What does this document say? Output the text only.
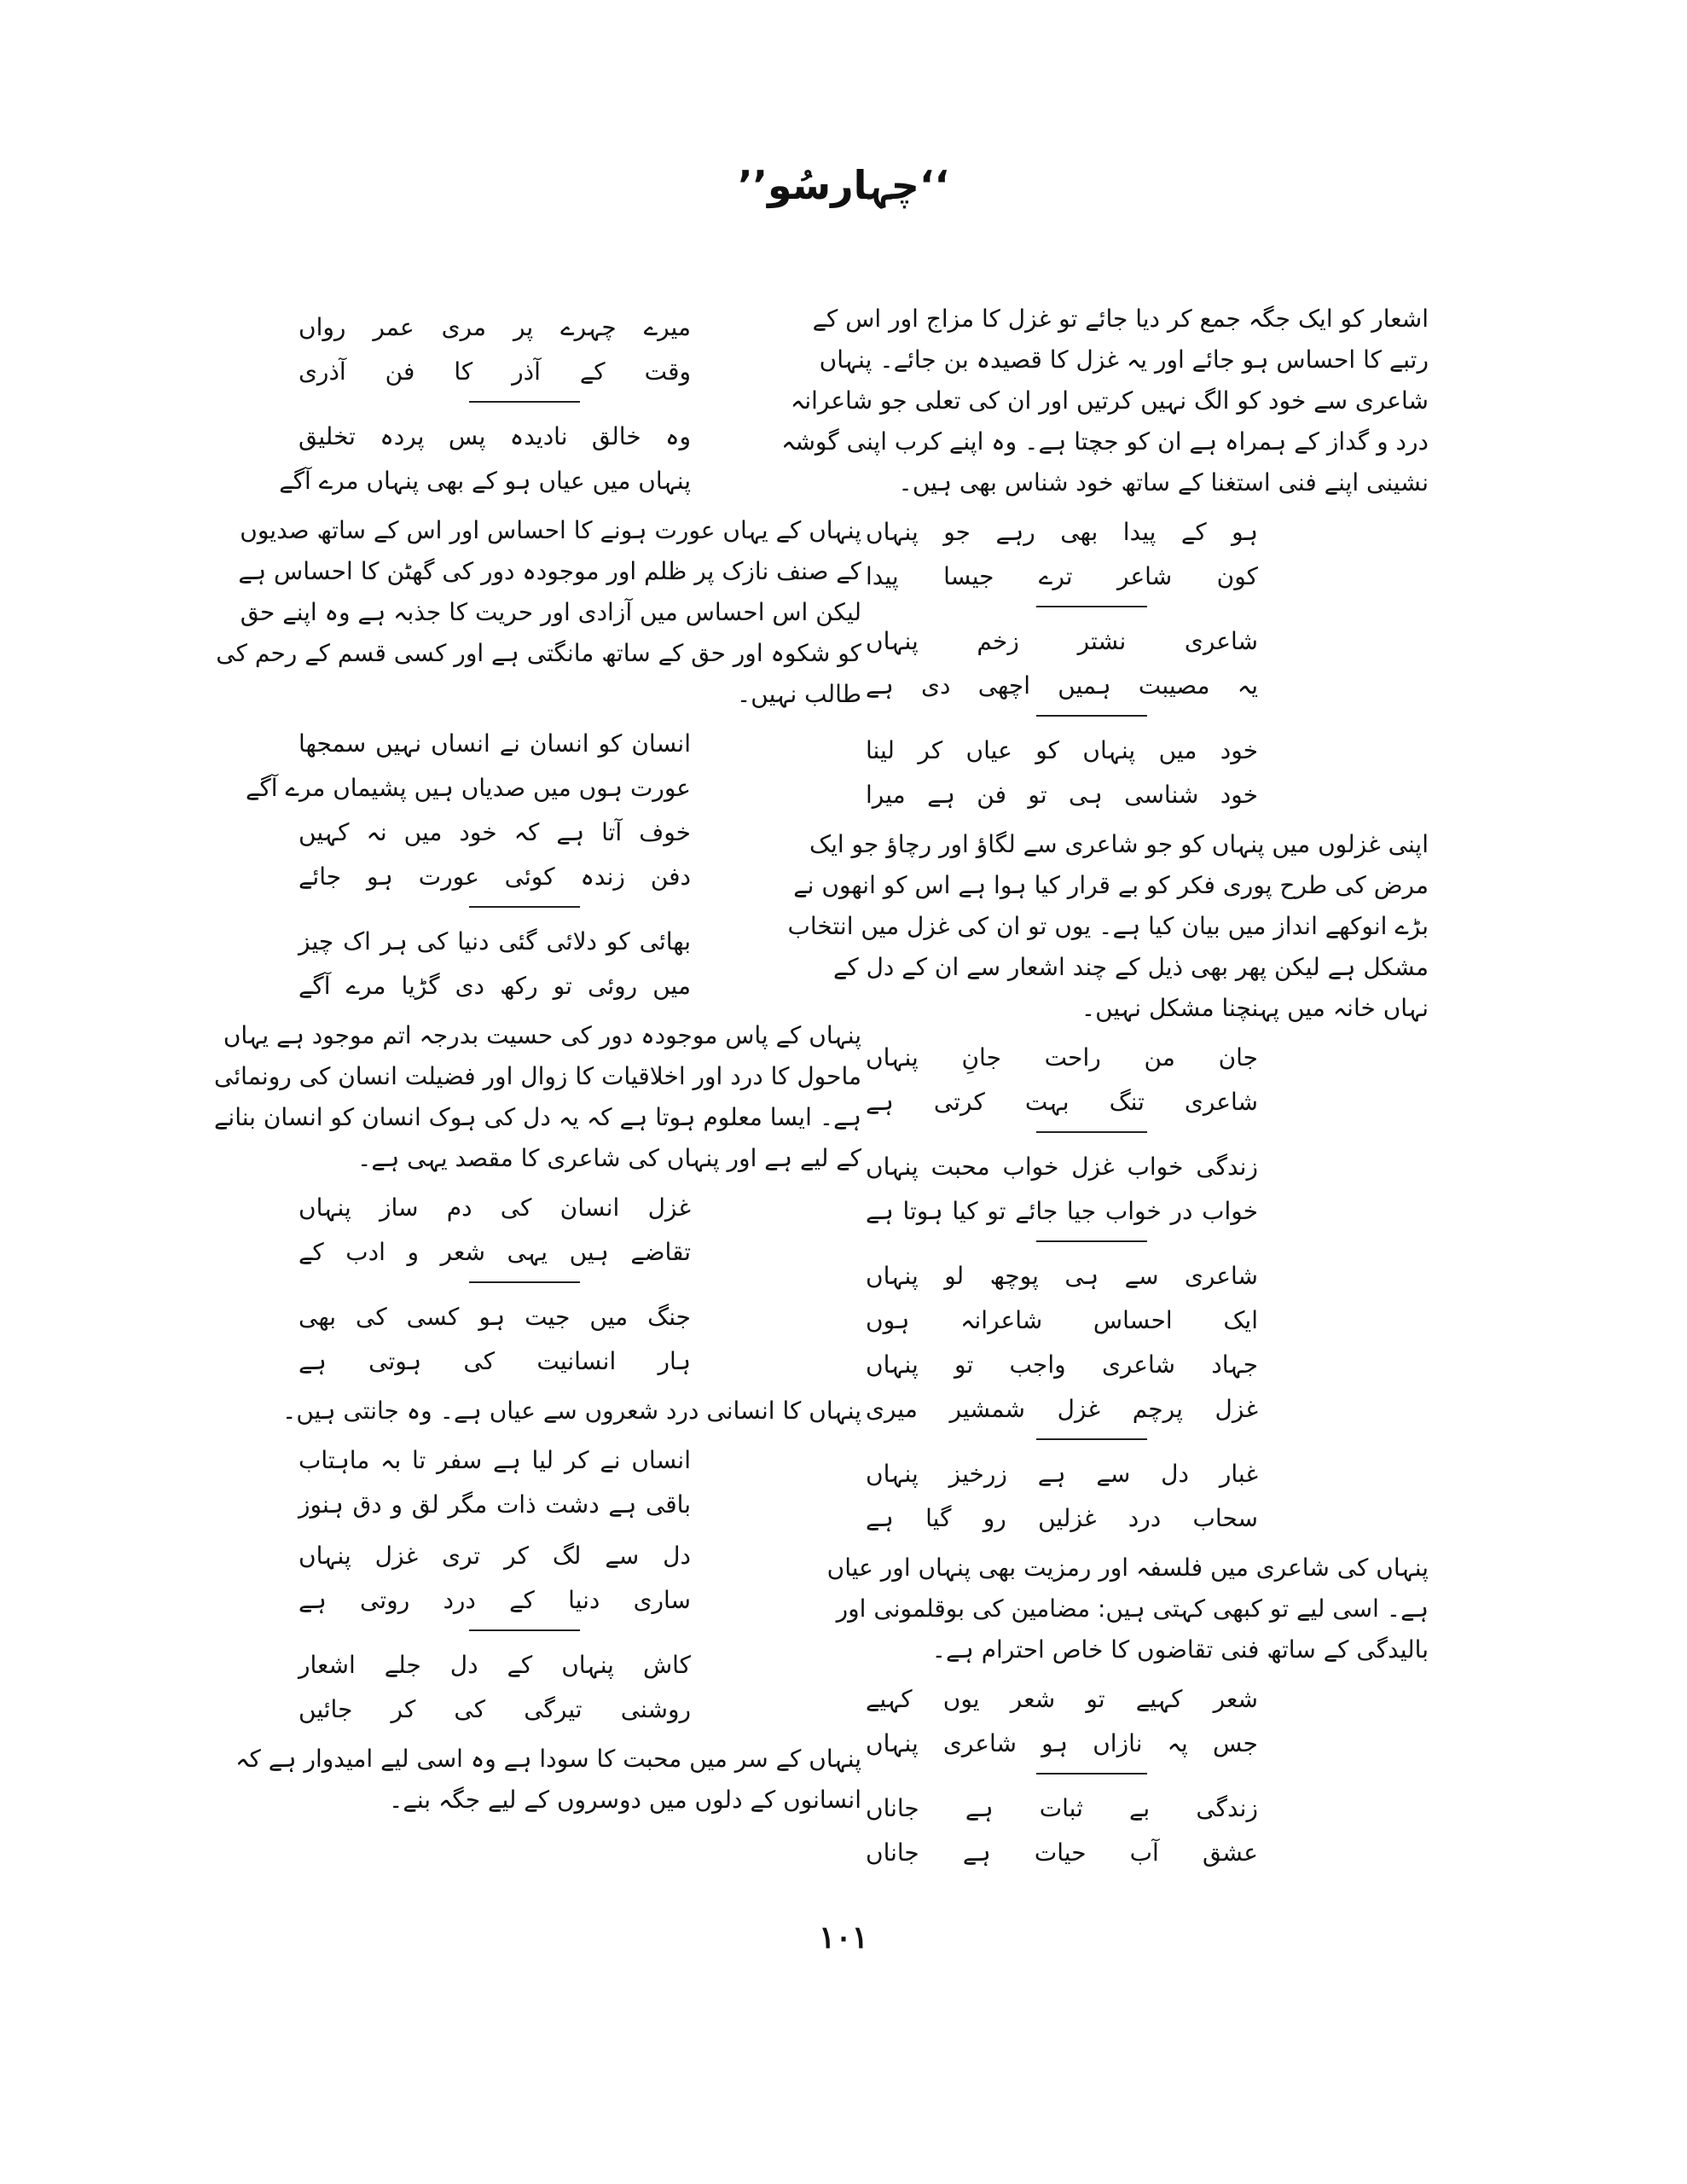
‘‘چہارسُو’’
اشعار کو ایک جگہ جمع کر دیا جائے تو غزل کا مزاج اور اس کے رتبے کا احساس ہو جائے اور یہ غزل کا قصیدہ بن جائے۔ پنہاں شاعری سے خود کو الگ نہیں کرتیں اور ان کی تعلی جو شاعرانہ درد و گداز کے ہمراہ ہے ان کو جچتا ہے۔ وہ اپنے کرب اپنی گوشہ نشینی اپنے فنی استغنا کے ساتھ خود شناس بھی ہیں۔
ہو کے پیدا بھی رہے جو پنہاں
کون شاعر ترے جیسا پیدا
شاعری نشتر زخم پنہاں
یہ مصیبت ہمیں اچھی دی ہے
خود میں پنہاں کو عیاں کر لینا
خود شناسی ہی تو فن ہے میرا
اپنی غزلوں میں پنہاں کو جو شاعری سے لگاؤ اور رچاؤ جو ایک مرض کی طرح پوری فکر کو بے قرار کیا ہوا ہے اس کو انھوں نے بڑے انوکھے انداز میں بیان کیا ہے۔ یوں تو ان کی غزل میں انتخاب مشکل ہے لیکن پھر بھی ذیل کے چند اشعار سے ان کے دل کے نہاں خانہ میں پہنچنا مشکل نہیں۔
جان من راحت جانِ پنہاں
شاعری تنگ بہت کرتی ہے
زندگی خواب غزل خواب محبت پنہاں
خواب در خواب جیا جائے تو کیا ہوتا ہے
شاعری سے ہی پوچھ لو پنہاں
ایک احساس شاعرانہ ہوں
جہاد شاعری واجب تو پنہاں
غزل پرچم غزل شمشیر میری
غبار دل سے ہے زرخیز پنہاں
سحاب درد غزلیں رو گیا ہے
پنہاں کی شاعری میں فلسفہ اور رمزیت بھی پنہاں اور عیاں ہے۔ اسی لیے تو کبھی کہتی ہیں: مضامین کی بوقلمونی اور بالیدگی کے ساتھ فنی تقاضوں کا خاص احترام ہے۔
شعر کہیے تو شعر یوں کہیے
جس پہ نازاں ہو شاعری پنہاں
زندگی بے ثبات ہے جاناں
عشق آب حیات ہے جاناں
میرے چہرے پر مری عمر رواں
وقت کے آذر کا فن آذری
وہ خالق نادیدہ پس پردہ تخلیق
پنہاں میں عیاں ہو کے بھی پنہاں مرے آگے
پنہاں کے یہاں عورت ہونے کا احساس اور اس کے ساتھ صدیوں کے صنف نازک پر ظلم اور موجودہ دور کی گھٹن کا احساس ہے لیکن اس احساس میں آزادی اور حریت کا جذبہ ہے وہ اپنے حق کو شکوہ اور حق کے ساتھ مانگتی ہے اور کسی قسم کے رحم کی طالب نہیں۔
انسان کو انسان نے انساں نہیں سمجھا
عورت ہوں میں صدیاں ہیں پشیماں مرے آگے
خوف آتا ہے کہ خود میں نہ کہیں
دفن زندہ کوئی عورت ہو جائے
بھائی کو دلائی گئی دنیا کی ہر اک چیز
میں روئی تو رکھ دی گڑیا مرے آگے
پنہاں کے پاس موجودہ دور کی حسیت بدرجہ اتم موجود ہے یہاں ماحول کا درد اور اخلاقیات کا زوال اور فضیلت انسان کی رونمائی ہے۔ ایسا معلوم ہوتا ہے کہ یہ دل کی ہوک انسان کو انسان بنانے کے لیے ہے اور پنہاں کی شاعری کا مقصد یہی ہے۔
غزل انسان کی دم ساز پنہاں
تقاضے ہیں یہی شعر و ادب کے
جنگ میں جیت ہو کسی کی بھی
ہار انسانیت کی ہوتی ہے
پنہاں کا انسانی درد شعروں سے عیاں ہے۔ وہ جانتی ہیں۔
انساں نے کر لیا ہے سفر تا بہ ماہتاب
باقی ہے دشت ذات مگر لق و دق ہنوز
دل سے لگ کر تری غزل پنہاں
ساری دنیا کے درد روتی ہے
کاش پنہاں کے دل جلے اشعار
روشنی تیرگی کی کر جائیں
پنہاں کے سر میں محبت کا سودا ہے وہ اسی لیے امیدوار ہے کہ انسانوں کے دلوں میں دوسروں کے لیے جگہ بنے۔
۱۰۱
